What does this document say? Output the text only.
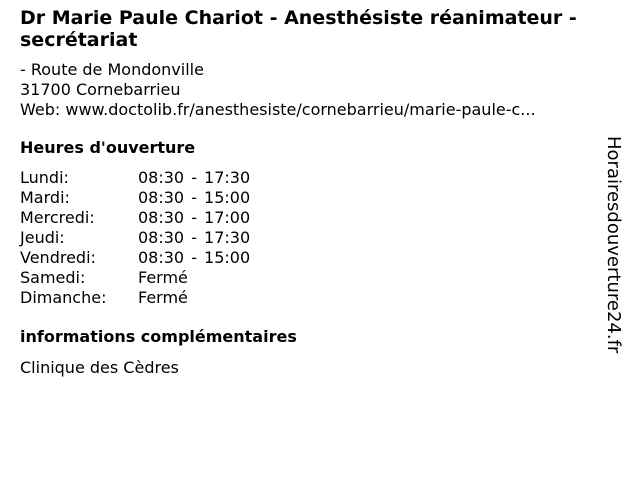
Dr Marie Paule Chariot - Anesthésiste réanimateur - secrétariat
- Route de Mondonville
31700 Cornebarrieu
Web: www.doctolib.fr/anesthesiste/cornebarrieu/marie-paule-c...
Heures d'ouverture
Lundi:	08:30 - 17:30
Mardi:	08:30 - 15:00
Mercredi:	08:30 - 17:00
Jeudi:	08:30 - 17:30
Vendredi:	08:30 - 15:00
Samedi:	Fermé
Dimanche:	Fermé
informations complémentaires
Clinique des Cèdres
Horairesdouverture24.fr
